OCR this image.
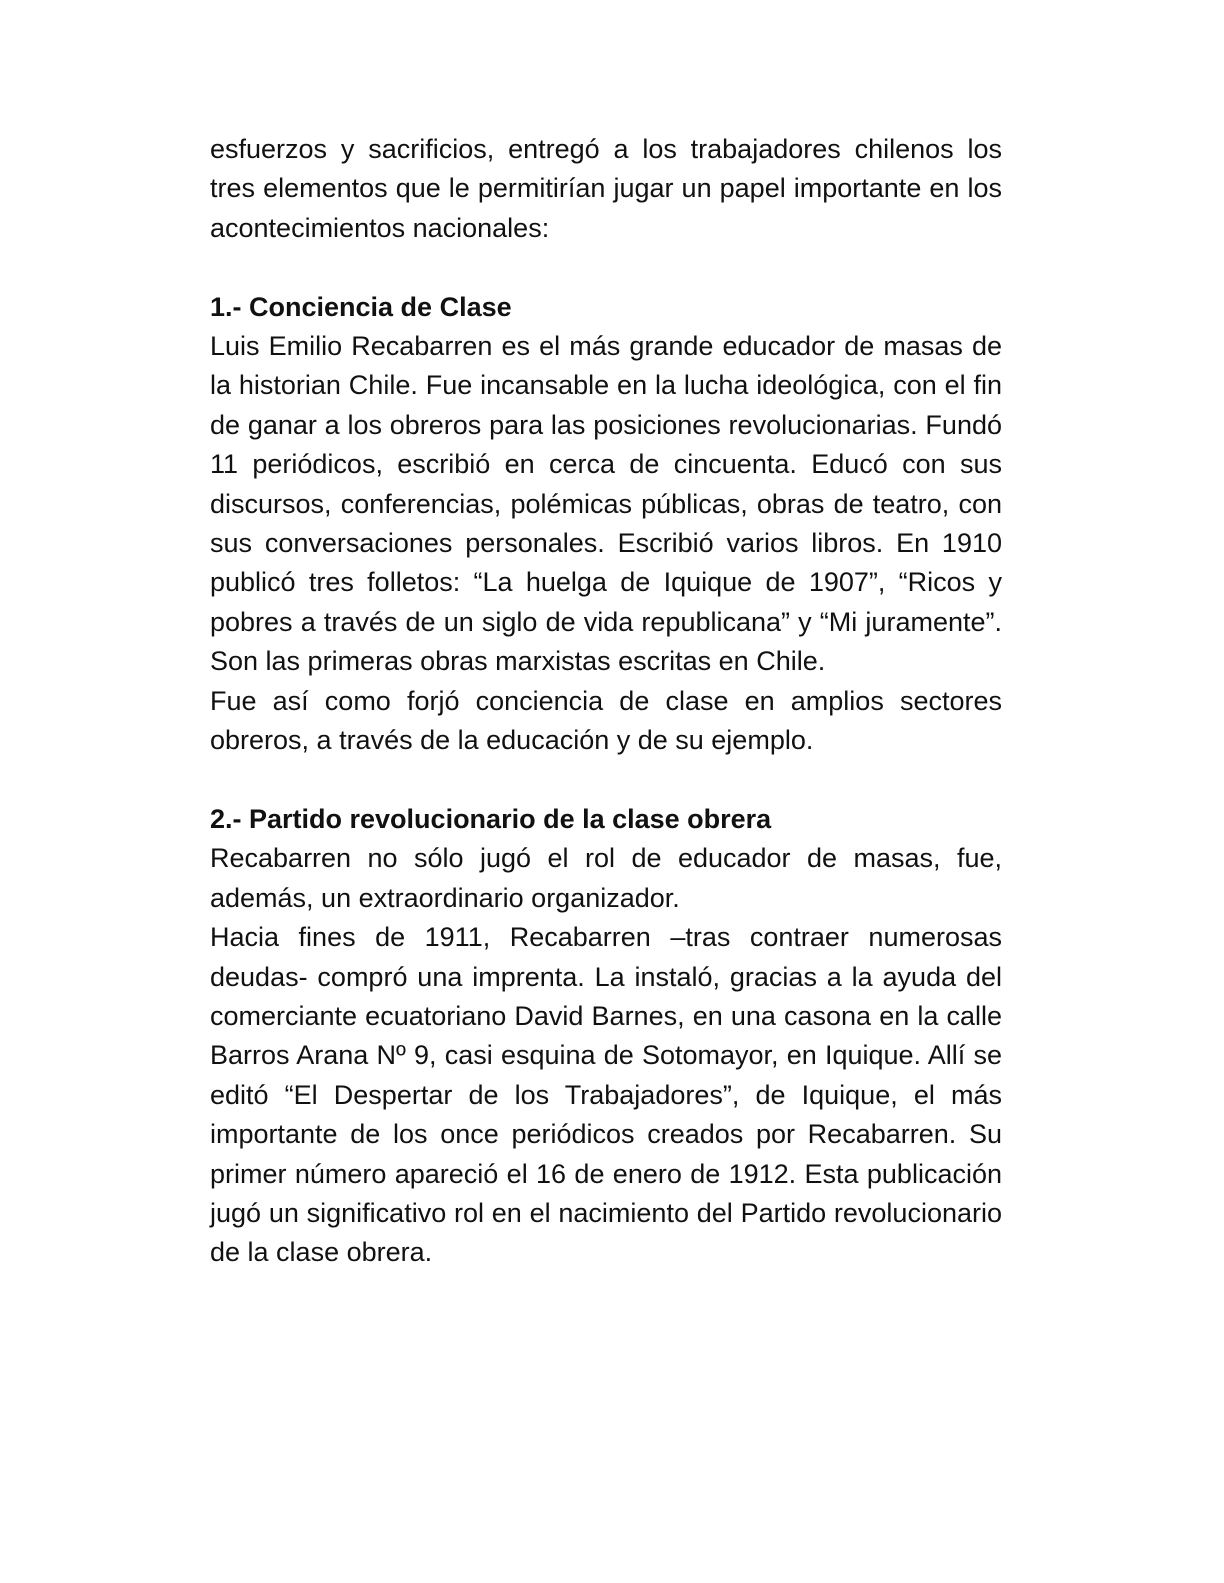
esfuerzos y sacrificios, entregó a los trabajadores chilenos los tres elementos que le permitirían jugar un papel importante en los acontecimientos nacionales:

1.- Conciencia de Clase

Luis Emilio Recabarren es el más grande educador de masas de la historian Chile. Fue incansable en la lucha ideológica, con el fin de ganar a los obreros para las posiciones revolucionarias. Fundó 11 periódicos, escribió en cerca de cincuenta. Educó con sus discursos, conferencias, polémicas públicas, obras de teatro, con sus conversaciones personales. Escribió varios libros. En 1910 publicó tres folletos: “La huelga de Iquique de 1907”, “Ricos y pobres a través de un siglo de vida republicana” y “Mi juramente”. Son las primeras obras marxistas escritas en Chile.

Fue así como forjó conciencia de clase en amplios sectores obreros, a través de la educación y de su ejemplo.

2.- Partido revolucionario de la clase obrera

Recabarren no sólo jugó el rol de educador de masas, fue, además, un extraordinario organizador.

Hacia fines de 1911, Recabarren –tras contraer numerosas deudas- compró una imprenta. La instaló, gracias a la ayuda del comerciante ecuatoriano David Barnes, en una casona en la calle Barros Arana Nº 9, casi esquina de Sotomayor, en Iquique. Allí se editó “El Despertar de los Trabajadores”, de Iquique, el más importante de los once periódicos creados por Recabarren. Su primer número apareció el 16 de enero de 1912. Esta publicación jugó un significativo rol en el nacimiento del Partido revolucionario de la clase obrera.
